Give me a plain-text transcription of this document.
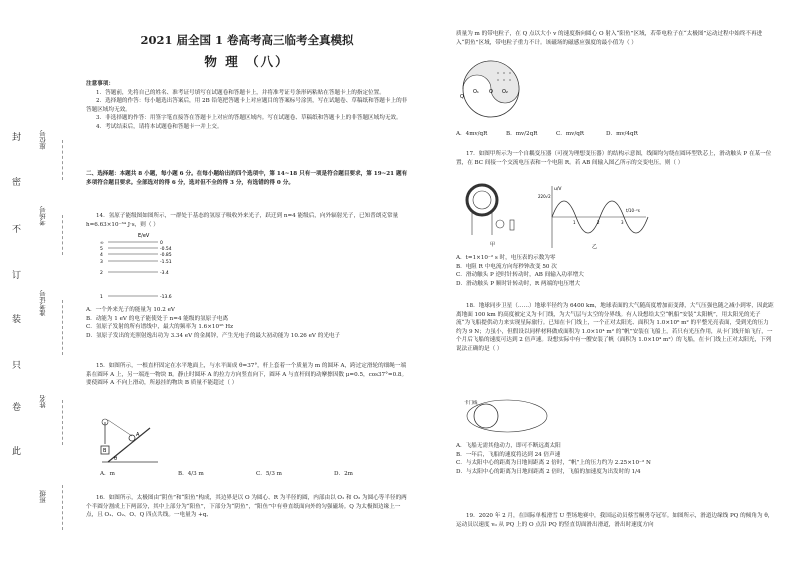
封
密
不
订
装
只
卷
此
座位号
考场号
准考证号
姓名
班级
2021 届全国 1 卷高考高三临考全真模拟
物 理 （八）

注意事项：

1．答题前，先将自己的姓名、准考证号填写在试题卷和答题卡上，并将准考证号条形码粘贴在答题卡上的指定位置。

2．选择题的作答：每小题选出答案后，用 2B 铅笔把答题卡上对应题目的答案标号涂黑，写在试题卷、草稿纸和答题卡上的非答题区域均无效。

3．非选择题的作答：用签字笔直接答在答题卡上对应的答题区域内。写在试题卷、草稿纸和答题卡上的非答题区域均无效。

4．考试结束后，请将本试题卷和答题卡一并上交。

二、选择题：本题共 8 小题，每小题 6 分。在每小题给出的四个选项中，第 14~18 只有一项是符合题目要求，第 19~21 题有多项符合题目要求。全部选对的得 6 分，选对但不全的得 3 分，有选错的得 0 分。
14．氢原子能级图如图所示，一群处于基态的氢原子吸收外来光子，跃迁到 n=4 能级后，向外辐射光子，已知普朗克常量 h=6.63×10⁻³⁴ J·s，则（ ）
E/eV
∞	0
5	-0.54
4	-0.85
3	-1.51
2	-3.4
1	-13.6

A．一个外来光子的能量为 10.2 eV

B．动能为 1 eV 的电子能使处于 n=4 能级的氢原子电离

C．氢原子发射的所有谱线中，最大的频率为 1.6×10¹⁶ Hz

D．氢原子发出的光照射逸出功为 3.34 eV 的金属锌，产生光电子的最大初动能为 10.26 eV 的光电子

15．如图所示，一根直杆固定在水平地面上，与水平面成 θ=37°，杆上套着一个质量为 m 的圆环 A，跨过定滑轮的细绳一端系在圆环 A 上，另一端连一物块 B。静止时圆环 A 的拉力方向竖直向下，圆环 A 与直杆间的动摩擦因数 μ=0.5，cos37°=0.8。要使圆环 A 不向上滑动，所悬挂的物块 B 质量不能超过（ ）
A
B
θ
A．m	B．4/3 m	C．5/3 m	D．2m
16．如图所示，太极图由“阴鱼”和“阳鱼”构成，其边界是以 O 为圆心、R 为半径的圆，内部由以 O₁ 和 O₂ 为圆心等半径的两个半圆分割成上下两部分，其中上部分为“阳鱼”，下部分为“阴鱼”，“阳鱼”中有垂直纸面向外的匀强磁场。Q 为太极图边缘上一点，且 O₁、O₂、O、Q 四点共线。一电量为 +q、
质量为 m 的带电粒子，在 Q 点以大小 v 的速度指向圆心 O 射入“阳鱼”区域，若带电粒子在“太极图”运动过程中始终不再进入“阴鱼”区域，带电粒子重力不计。该磁场的磁感应强度的最小值为（ ）
O
O₁	O₂
Q
A．4mv/qR	B．mv/2qR	C．mv/qR	D．mv/4qR
17．如图甲所示为一个自耦变压器（可视为理想变压器）的结构示意图，线圈均匀绕在圆环型铁芯上，滑动触头 P 在某一位置，在 BC 间接一个交流电压表和一个电阻 R。若 AB 间输入图乙所示的交变电压，则（ ）
甲
u/V
220√2
1	2	3
t/10⁻²s
乙

A．t=1×10⁻² s 时，电压表的示数为零

B．电阻 R 中电流方向每秒钟改变 50 次

C．滑动触头 P 逆时针转动时，AB 间输入功率增大

D．滑动触头 P 顺时针转动时，R 两端的电压增大

18．地球同步卫星（……）地球半径约为 6400 km，地球表面的大气随高度增加而变薄，大气压强也随之减小到零，因此距离地面 100 km 的高度被定义为卡门线，为大气层与太空的分界线。有人设想给太空“帆船”安装“太阳帆”，用太阳光的光子流“为飞船提供动力来实现星际旅行。已知在卡门线上，一个正对太阳光、面积为 1.0×10⁶ m² 的平整光亮表面，受到光的压力约为 9 N；力虽小，但假设以同样材料做成面积为 1.0×10⁴ m² 的“帆”安装在飞船上，若只有光压作用，从卡门线开始飞行，一个月后飞船的速度可达到 2 倍声速。设想实际中有一艘安装了帆（面积为 1.0×10⁴ m²）的飞船，在卡门线上正对太阳光，下列说法正确的是（ ）
卡门线

A．飞船无需其他动力，即可不断远离太阳

B．一年后，飞船的速度将达到 24 倍声速

C．与太阳中心的距离为日地间距离 2 倍时，“帆”上的压力约为 2.25×10⁻² N

D．与太阳中心的距离为日地间距离 2 倍时，飞船的加速度为出发时的 1/4

19．2020 年 2 月，在国际单板滑雪 U 型场地赛中，我国运动员蔡雪桐勇夺冠军。如图所示，滑道边缘线 PQ 的倾角为 θ，运动员以速度 v₀ 从 PQ 上的 O 点沿 PQ 的竖直切面滑出滑道，滑出时速度方向
